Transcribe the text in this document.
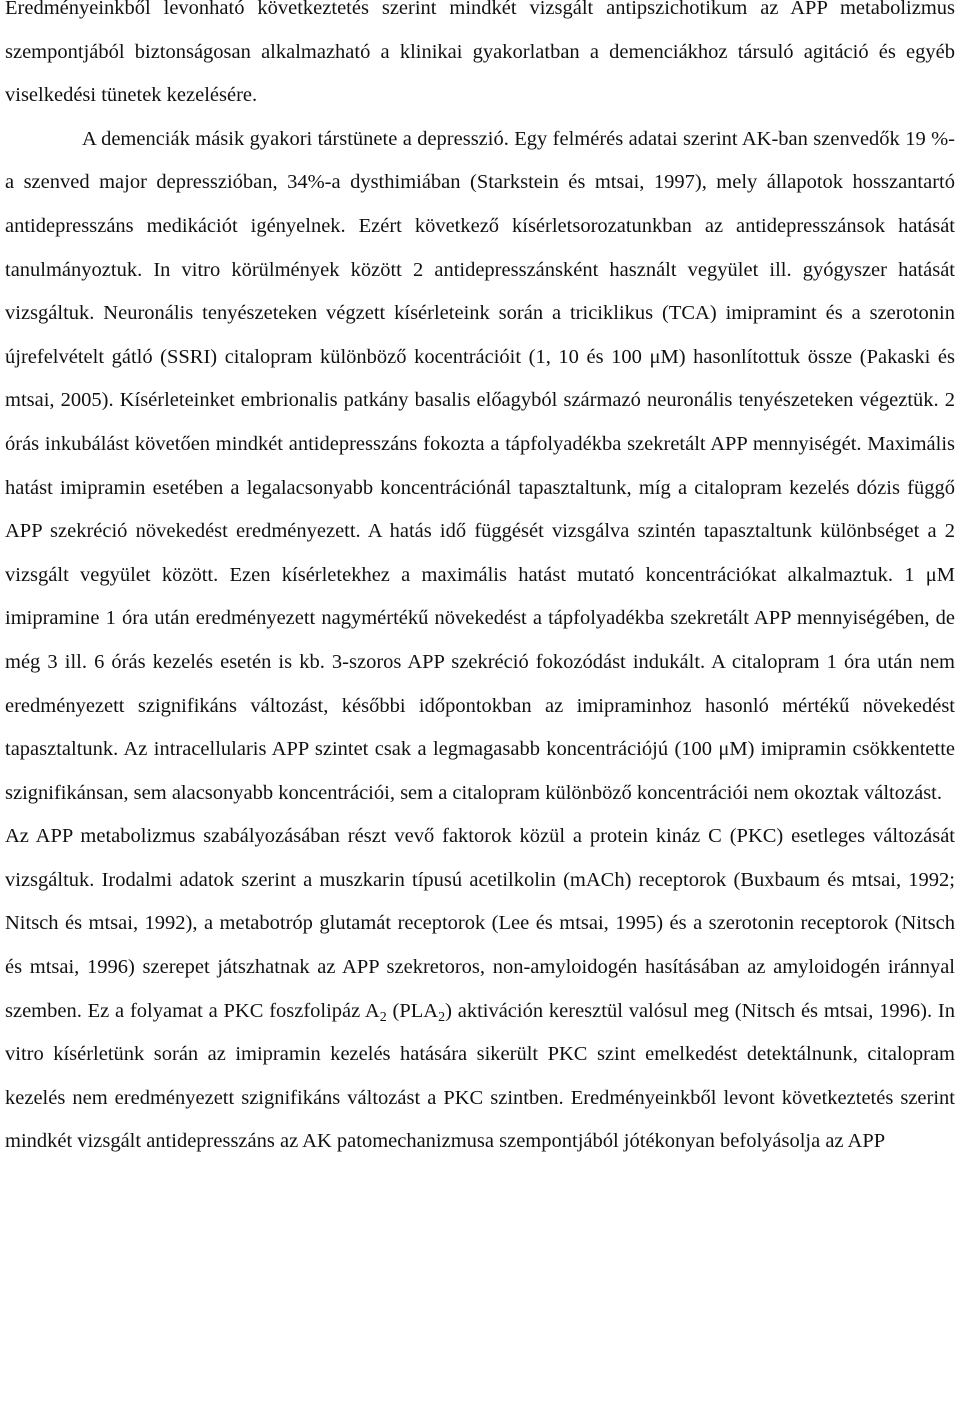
Eredményeinkből levonható következtetés szerint mindkét vizsgált antipszichotikum az APP metabolizmus szempontjából biztonságosan alkalmazható a klinikai gyakorlatban a demenciákhoz társuló agitáció és egyéb viselkedési tünetek kezelésére.
A demenciák másik gyakori társtünete a depresszió. Egy felmérés adatai szerint AK-ban szenvedők 19 %-a szenved major depresszióban, 34%-a dysthimiában (Starkstein és mtsai, 1997), mely állapotok hosszantartó antidepresszáns medikációt igényelnek. Ezért következő kísérletsorozatunkban az antidepresszánsok hatását tanulmányoztuk. In vitro körülmények között 2 antidepresszánsként használt vegyület ill. gyógyszer hatását vizsgáltuk. Neuronális tenyészeteken végzett kísérleteink során a triciklikus (TCA) imipramint és a szerotonin újrefelvételt gátló (SSRI) citalopram különböző kocentrációit (1, 10 és 100 μM) hasonlítottuk össze (Pakaski és mtsai, 2005). Kísérleteinket embrionalis patkány basalis előagyból származó neuronális tenyészeteken végeztük. 2 órás inkubálást követően mindkét antidepresszáns fokozta a tápfolyadékba szekretált APP mennyiségét. Maximális hatást imipramin esetében a legalacsonyabb koncentrációnál tapasztaltunk, míg a citalopram kezelés dózis függő APP szekréció növekedést eredményezett. A hatás idő függését vizsgálva szintén tapasztaltunk különbséget a 2 vizsgált vegyület között. Ezen kísérletekhez a maximális hatást mutató koncentrációkat alkalmaztuk. 1 μM imipramine 1 óra után eredményezett nagymértékű növekedést a tápfolyadékba szekretált APP mennyiségében, de még 3 ill. 6 órás kezelés esetén is kb. 3-szoros APP szekréció fokozódást indukált. A citalopram 1 óra után nem eredményezett szignifikáns változást, későbbi időpontokban az imipraminhoz hasonló mértékű növekedést tapasztaltunk. Az intracellularis APP szintet csak a legmagasabb koncentrációjú (100 μM) imipramin csökkentette szignifikánsan, sem alacsonyabb koncentrációi, sem a citalopram különböző koncentrációi nem okoztak változást.

Az APP metabolizmus szabályozásában részt vevő faktorok közül a protein kináz C (PKC) esetleges változását vizsgáltuk. Irodalmi adatok szerint a muszkarin típusú acetilkolin (mACh) receptorok (Buxbaum és mtsai, 1992; Nitsch és mtsai, 1992), a metabotróp glutamát receptorok (Lee és mtsai, 1995) és a szerotonin receptorok (Nitsch és mtsai, 1996) szerepet játszhatnak az APP szekretoros, non-amyloidogén hasításában az amyloidogén iránnyal szemben. Ez a folyamat a PKC foszfolipáz $A_2$ $(PLA_2)$ aktiváción keresztül valósul meg (Nitsch és mtsai, 1996). In vitro kísérletünk során az imipramin kezelés hatására sikerült PKC szint emelkedést detektálnunk, citalopram kezelés nem eredményezett szignifikáns változást a PKC szintben. Eredményeinkből levont következtetés szerint mindkét vizsgált antidepresszáns az AK patomechanizmusa szempontjából jótékonyan befolyásolja az APP
